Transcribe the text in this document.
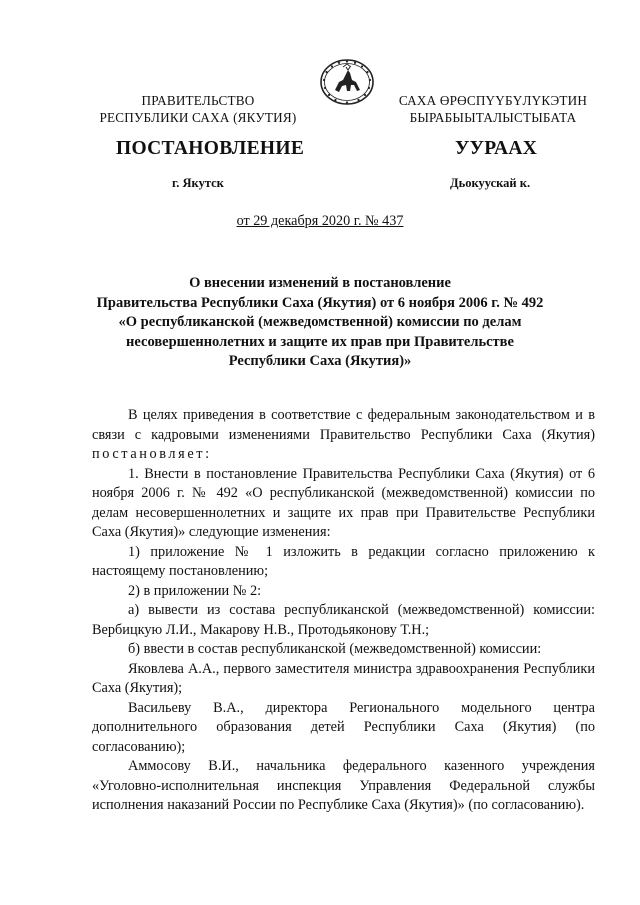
ПРАВИТЕЛЬСТВО
РЕСПУБЛИКИ САХА (ЯКУТИЯ)
САХА ӨРӨСПҮҮБҮЛҮКЭТИН
БЫРАБЫЫТАЛЫСТЫБАТА
ПОСТАНОВЛЕНИЕ	УУРААХ
г. Якутск	Дьокуускай к.
от 29 декабря 2020 г. № 437
О внесении изменений в постановление
Правительства Республики Саха (Якутия) от 6 ноября 2006 г. № 492
«О республиканской (межведомственной) комиссии по делам
несовершеннолетних и защите их прав при Правительстве
Республики Саха (Якутия)»

В целях приведения в соответствие с федеральным законодательством и в связи с кадровыми изменениями Правительство Республики Саха (Якутия) постановляет:

1. Внести в постановление Правительства Республики Саха (Якутия) от 6 ноября 2006 г. № 492 «О республиканской (межведомственной) комиссии по делам несовершеннолетних и защите их прав при Правительстве Республики Саха (Якутия)» следующие изменения:

1) приложение № 1 изложить в редакции согласно приложению к настоящему постановлению;

2) в приложении № 2:

а) вывести из состава республиканской (межведомственной) комиссии: Вербицкую Л.И., Макарову Н.В., Протодьяконову Т.Н.;

б) ввести в состав республиканской (межведомственной) комиссии:

Яковлева А.А., первого заместителя министра здравоохранения Республики Саха (Якутия);

Васильеву В.А., директора Регионального модельного центра дополнительного образования детей Республики Саха (Якутия) (по согласованию);

Аммосову В.И., начальника федерального казенного учреждения «Уголовно-исполнительная инспекция Управления Федеральной службы исполнения наказаний России по Республике Саха (Якутия)» (по согласованию).
